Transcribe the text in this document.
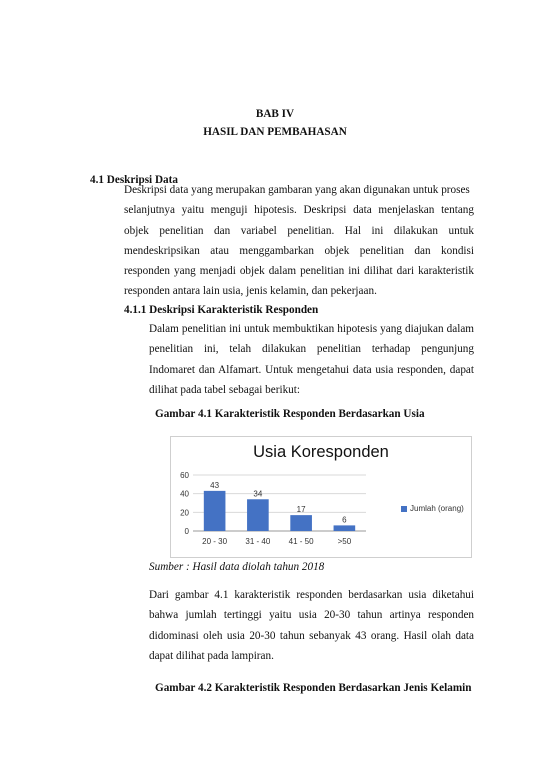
BAB IV
HASIL DAN PEMBAHASAN
4.1 Deskripsi Data
Deskripsi data yang merupakan gambaran yang akan digunakan untuk proses
selanjutnya yaitu menguji hipotesis. Deskripsi data menjelaskan tentang
objek penelitian dan variabel penelitian. Hal ini dilakukan untuk
mendeskripsikan atau menggambarkan objek penelitian dan kondisi
responden yang menjadi objek dalam penelitian ini dilihat dari karakteristik
responden antara lain usia, jenis kelamin, dan pekerjaan.
4.1.1 Deskripsi Karakteristik Responden
Dalam penelitian ini untuk membuktikan hipotesis yang diajukan dalam
penelitian ini, telah dilakukan penelitian terhadap pengunjung
Indomaret dan Alfamart. Untuk mengetahui data usia responden, dapat
dilihat pada tabel sebagai berikut:
Gambar 4.1 Karakteristik Responden Berdasarkan Usia
Usia Koresponden
0
20
40
60
43
20 - 30
34
31 - 40
17
41 - 50
6
>50
Jumlah (orang)
Sumber : Hasil data diolah tahun 2018
Dari gambar 4.1 karakteristik responden berdasarkan usia diketahui
bahwa jumlah tertinggi yaitu usia 20-30 tahun artinya responden
didominasi oleh usia 20-30 tahun sebanyak 43 orang. Hasil olah data
dapat dilihat pada lampiran.
Gambar 4.2 Karakteristik Responden Berdasarkan Jenis Kelamin
